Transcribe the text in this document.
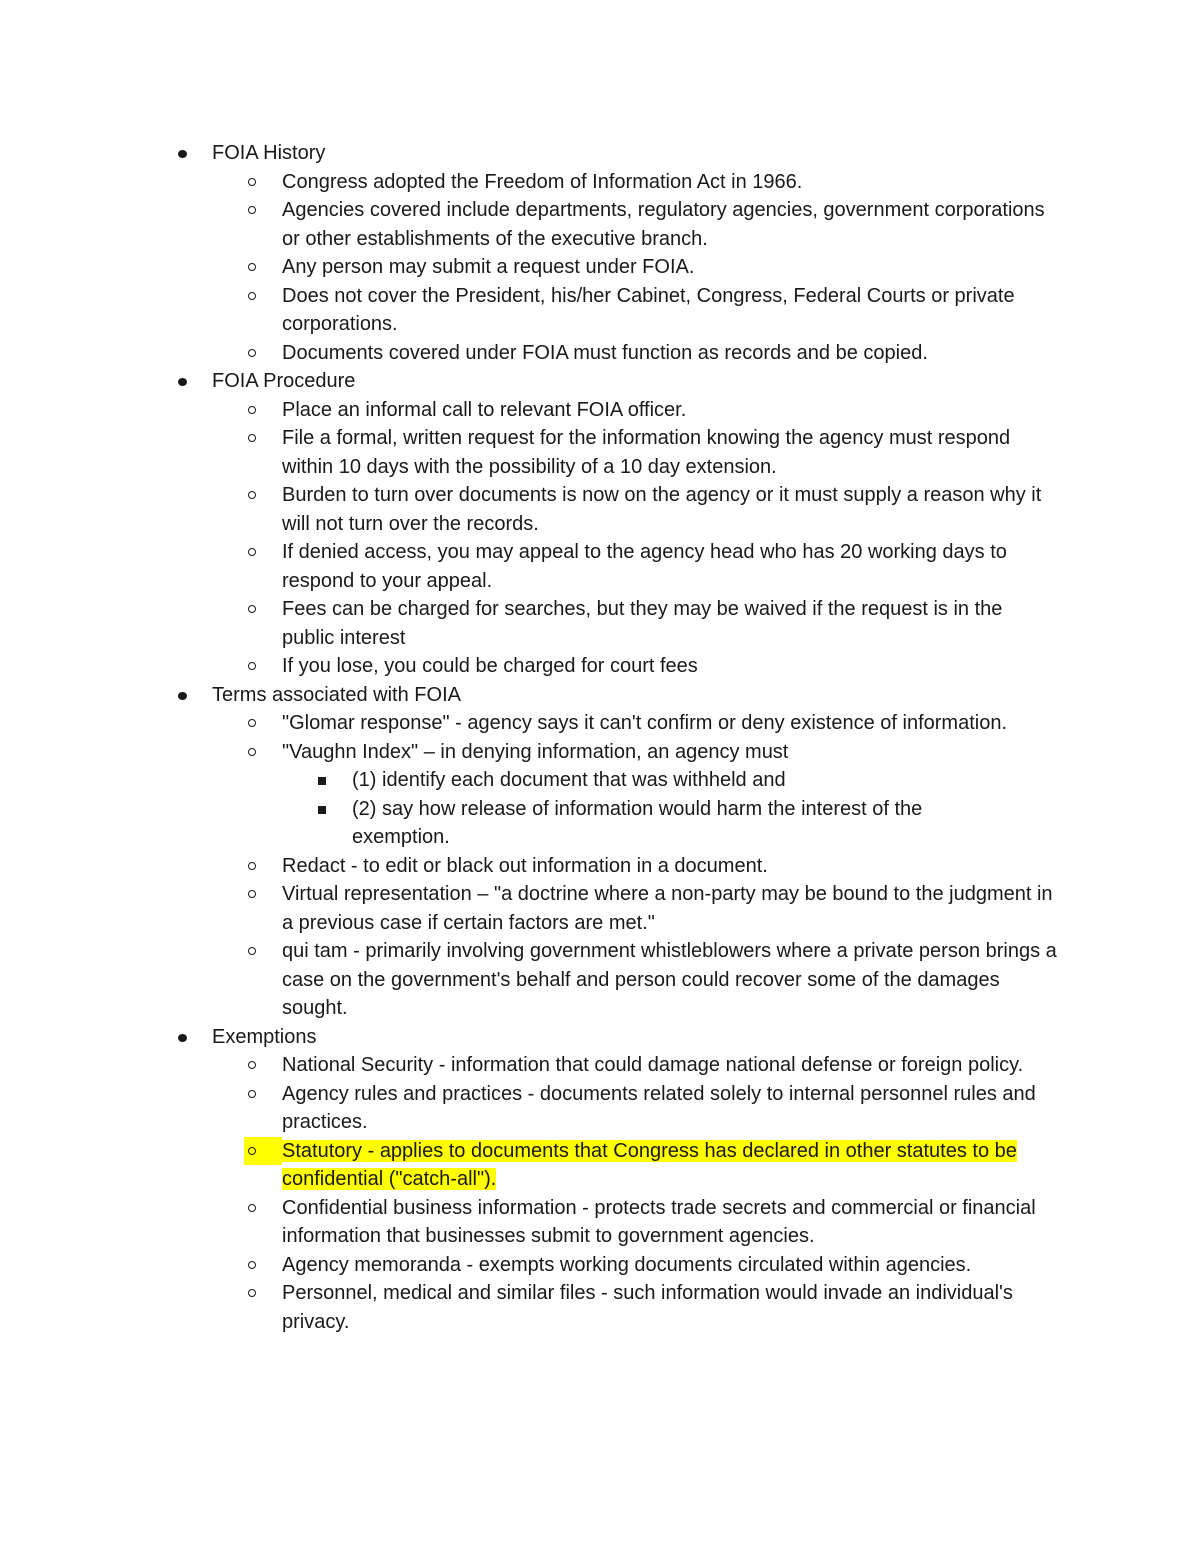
FOIA History
Congress adopted the Freedom of Information Act in 1966.
Agencies covered include departments, regulatory agencies, government corporations or other establishments of the executive branch.
Any person may submit a request under FOIA.
Does not cover the President, his/her Cabinet, Congress, Federal Courts or private corporations.
Documents covered under FOIA must function as records and be copied.
FOIA Procedure
Place an informal call to relevant FOIA officer.
File a formal, written request for the information knowing the agency must respond within 10 days with the possibility of a 10 day extension.
Burden to turn over documents is now on the agency or it must supply a reason why it will not turn over the records.
If denied access, you may appeal to the agency head who has 20 working days to respond to your appeal.
Fees can be charged for searches, but they may be waived if the request is in the public interest
If you lose, you could be charged for court fees
Terms associated with FOIA
"Glomar response" - agency says it can't confirm or deny existence of information.
"Vaughn Index" – in denying information, an agency must
(1) identify each document that was withheld and
(2) say how release of information would harm the interest of the exemption.
Redact - to edit or black out information in a document.
Virtual representation – "a doctrine where a non-party may be bound to the judgment in a previous case if certain factors are met."
qui tam - primarily involving government whistleblowers where a private person brings a case on the government's behalf and person could recover some of the damages sought.
Exemptions
National Security - information that could damage national defense or foreign policy.
Agency rules and practices - documents related solely to internal personnel rules and practices.
Statutory - applies to documents that Congress has declared in other statutes to be confidential ("catch-all").
Confidential business information - protects trade secrets and commercial or financial information that businesses submit to government agencies.
Agency memoranda - exempts working documents circulated within agencies.
Personnel, medical and similar files - such information would invade an individual's privacy.
